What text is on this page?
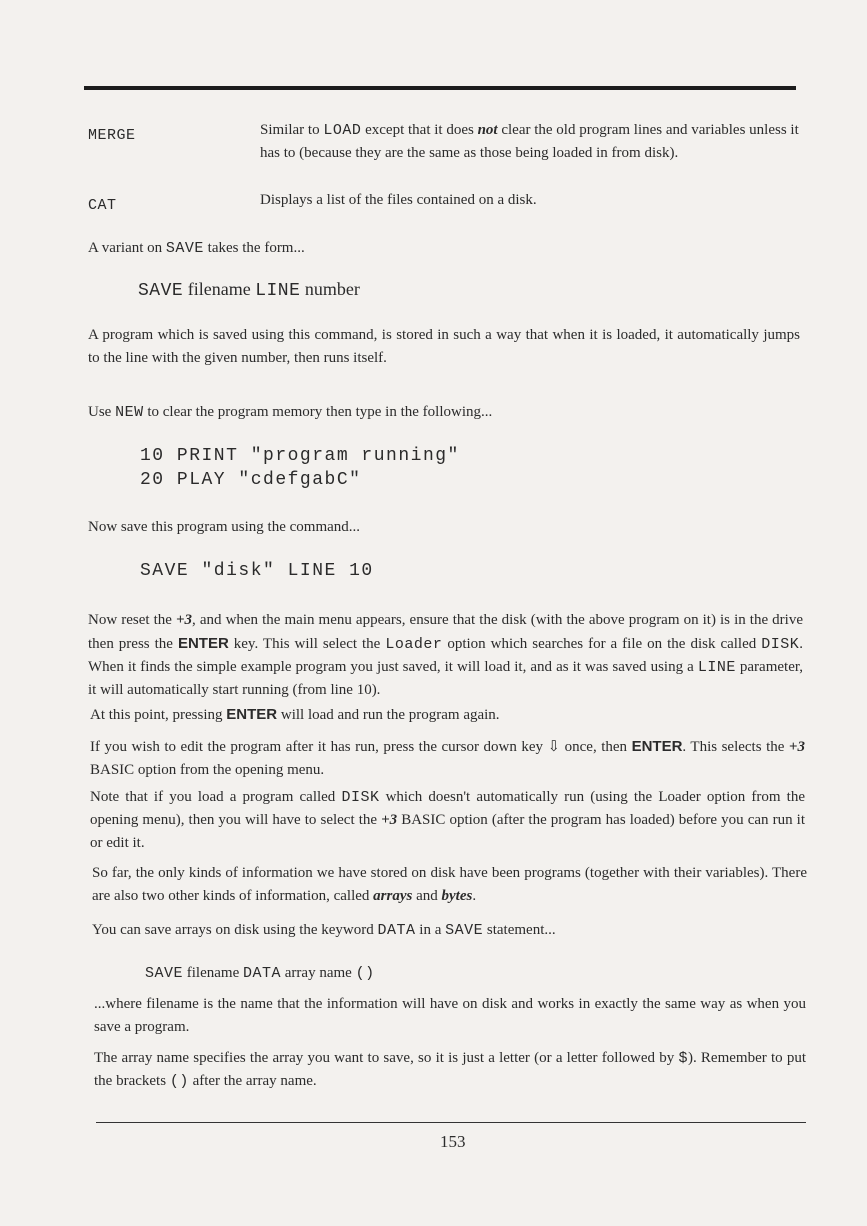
MERGE	Similar to LOAD except that it does not clear the old program lines and variables unless it has to (because they are the same as those being loaded in from disk).
CAT	Displays a list of the files contained on a disk.
A variant on SAVE takes the form...
SAVE filename LINE number
A program which is saved using this command, is stored in such a way that when it is loaded, it automatically jumps to the line with the given number, then runs itself.
Use NEW to clear the program memory then type in the following...
10 PRINT "program running"
20 PLAY "cdefgabC"
Now save this program using the command...
SAVE "disk" LINE 10
Now reset the +3, and when the main menu appears, ensure that the disk (with the above program on it) is in the drive then press the ENTER key. This will select the Loader option which searches for a file on the disk called DISK. When it finds the simple example program you just saved, it will load it, and as it was saved using a LINE parameter, it will automatically start running (from line 10).
At this point, pressing ENTER will load and run the program again.
If you wish to edit the program after it has run, press the cursor down key ⇩ once, then ENTER. This selects the +3 BASIC option from the opening menu.
Note that if you load a program called DISK which doesn't automatically run (using the Loader option from the opening menu), then you will have to select the +3 BASIC option (after the program has loaded) before you can run it or edit it.
So far, the only kinds of information we have stored on disk have been programs (together with their variables). There are also two other kinds of information, called arrays and bytes.
You can save arrays on disk using the keyword DATA in a SAVE statement...
SAVE filename DATA array name ()
...where filename is the name that the information will have on disk and works in exactly the same way as when you save a program.
The array name specifies the array you want to save, so it is just a letter (or a letter followed by $). Remember to put the brackets () after the array name.
153
